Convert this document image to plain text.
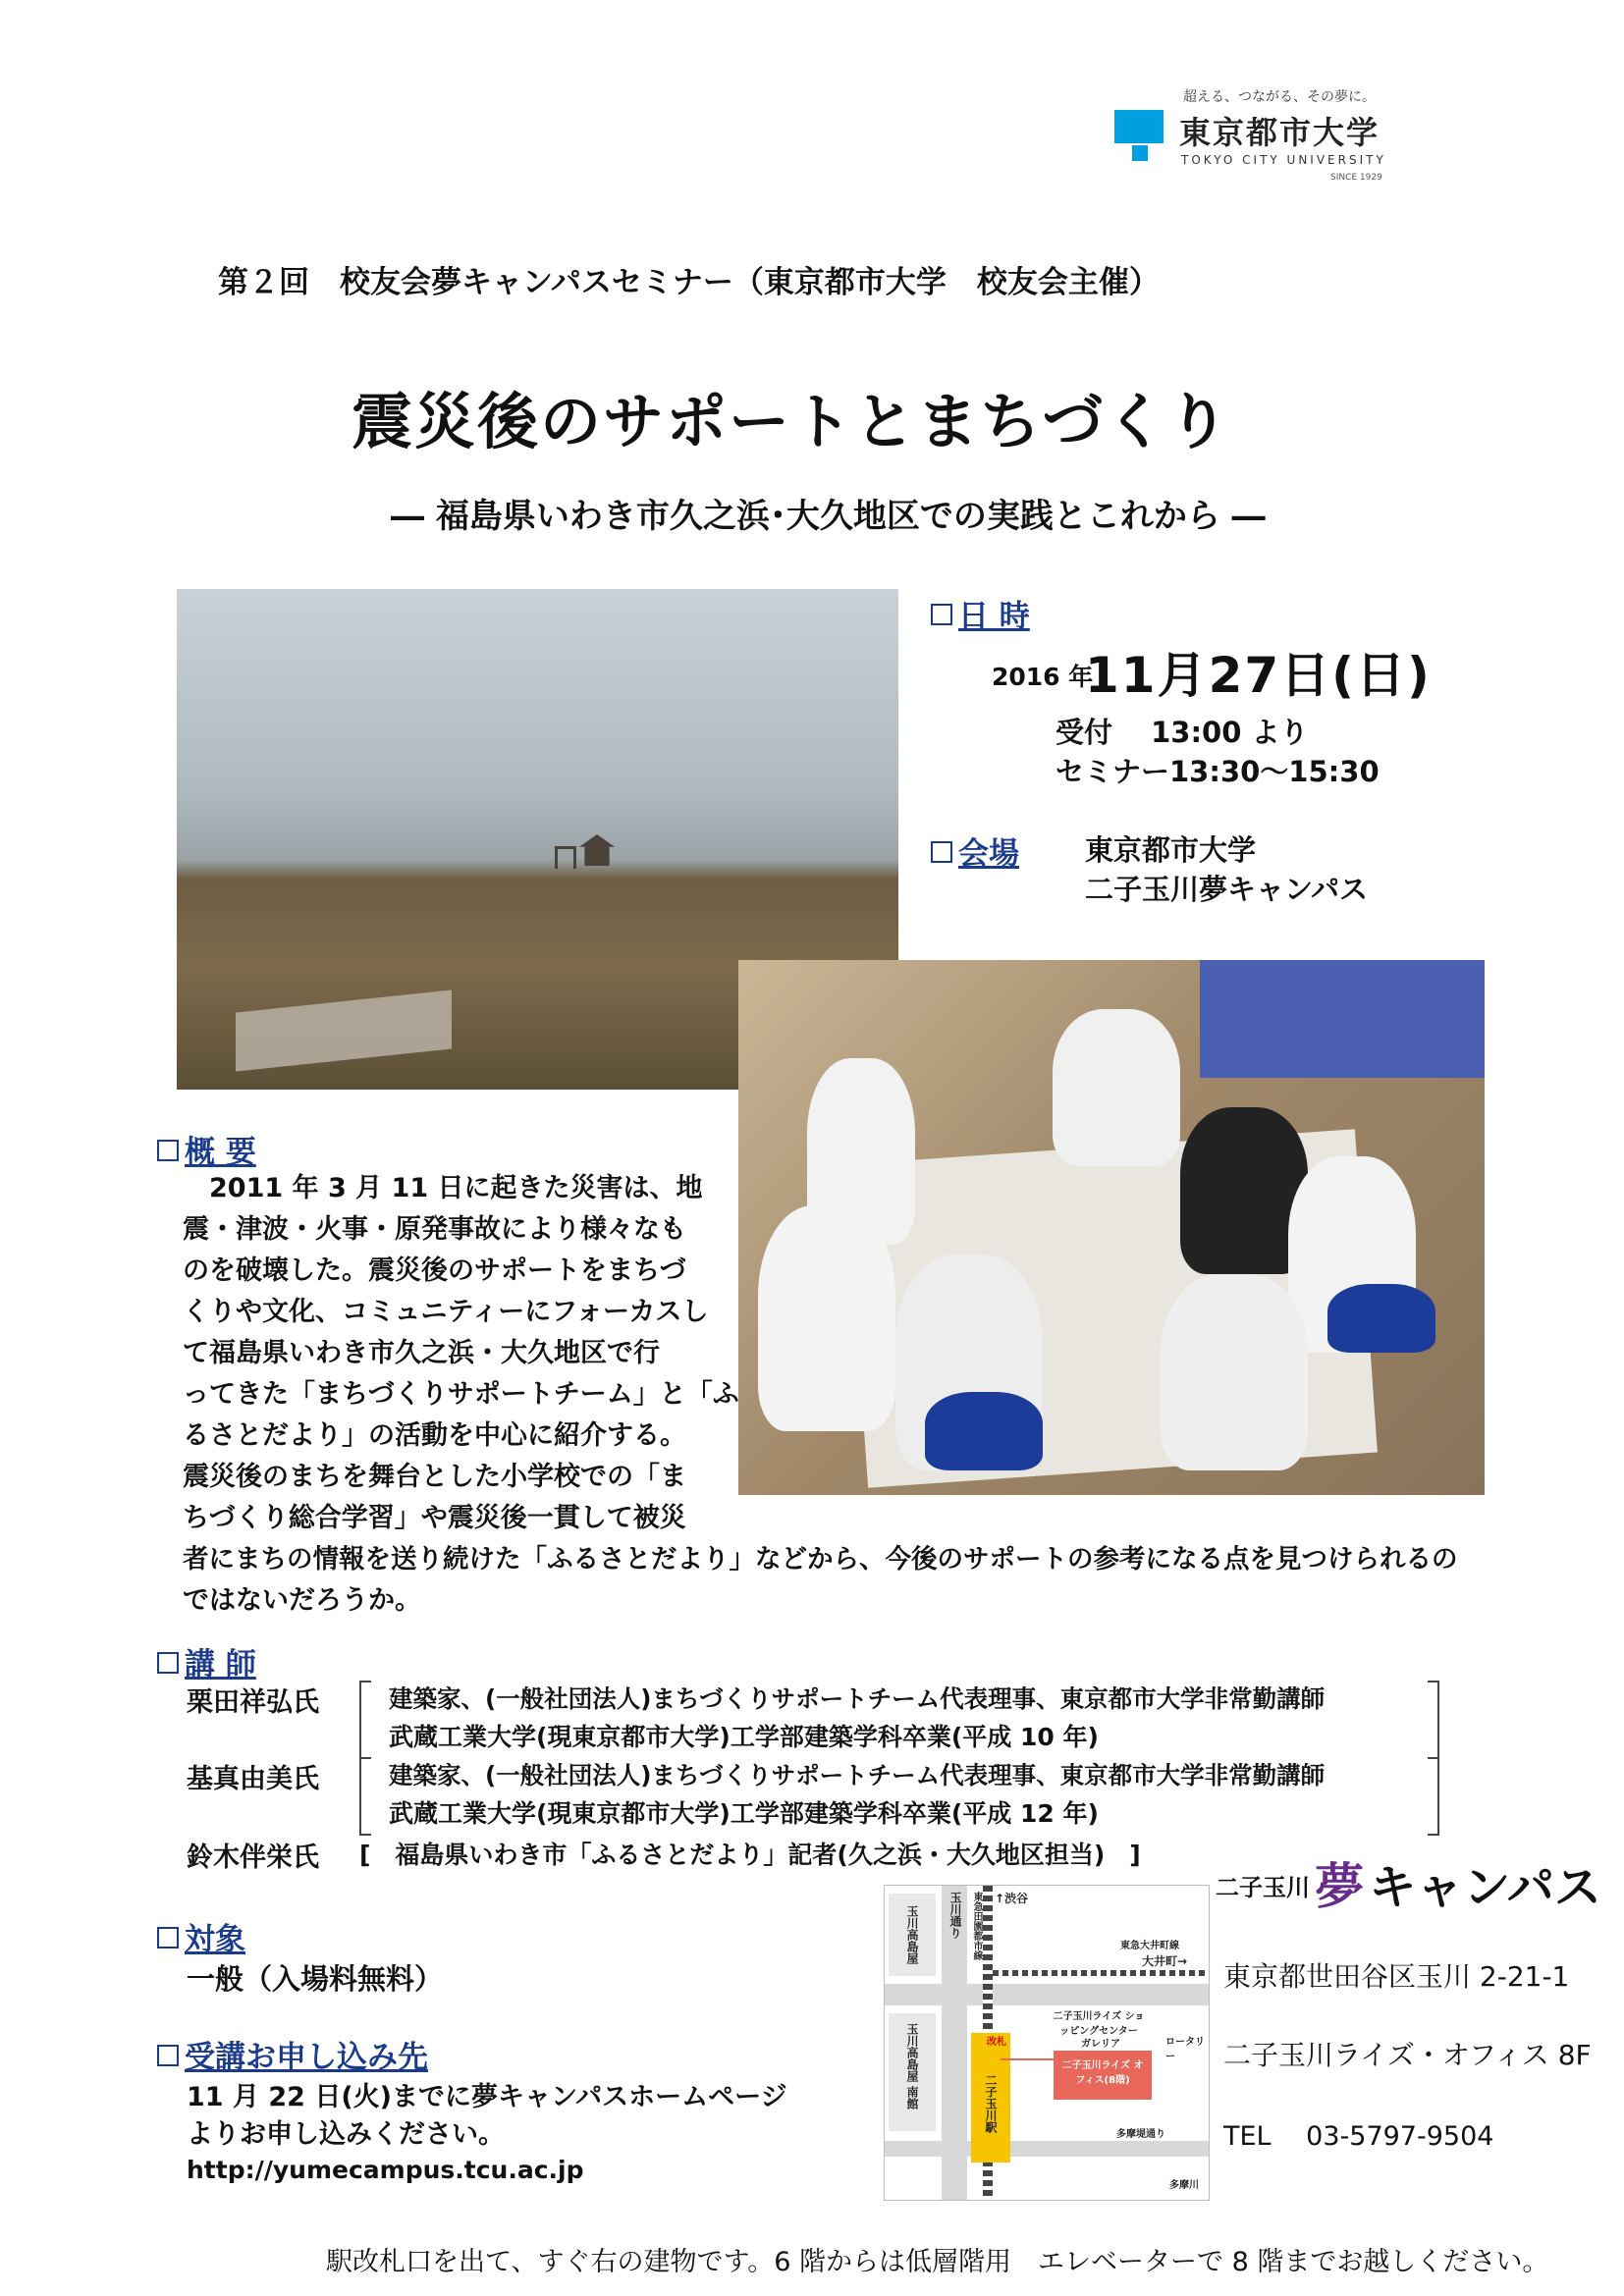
超える、つながる、その夢に。
東京都市大学
TOKYO CITY UNIVERSITY
SINCE 1929
第２回　校友会夢キャンパスセミナー（東京都市大学　校友会主催）
震災後のサポートとまちづくり
― 福島県いわき市久之浜･大久地区での実践とこれから ―
日 時
2016 年
11月27日(日)
受付　 13:00 より
セミナー13:30～15:30
会場 東京都市大学
二子玉川夢キャンパス
概 要
　2011 年 3 月 11 日に起きた災害は、地
震・津波・火事・原発事故により様々なも
のを破壊した。震災後のサポートをまちづ
くりや文化、コミュニティーにフォーカスし
て福島県いわき市久之浜・大久地区で行
ってきた「まちづくりサポートチーム」と「ふ
るさとだより」の活動を中心に紹介する。
震災後のまちを舞台とした小学校での「ま
ちづくり総合学習」や震災後一貫して被災
者にまちの情報を送り続けた「ふるさとだより」などから、今後のサポートの参考になる点を見つけられるの
ではないだろうか。
講 師
栗田祥弘氏	建築家、(一般社団法人)まちづくりサポートチーム代表理事、東京都市大学非常勤講師
武蔵工業大学(現東京都市大学)工学部建築学科卒業(平成 10 年)
基真由美氏	建築家、(一般社団法人)まちづくりサポートチーム代表理事、東京都市大学非常勤講師
武蔵工業大学(現東京都市大学)工学部建築学科卒業(平成 12 年)
鈴木伴栄氏 [　福島県いわき市「ふるさとだより」記者(久之浜・大久地区担当)　]
対象
一般（入場料無料）
受講お申し込み先
11 月 22 日(火)までに夢キャンパスホームページ
よりお申し込みください。
http://yumecampus.tcu.ac.jp
玉川高島屋	玉川通り 東急田園都市線 ↑渋谷
東急大井町線
大井町→
二子玉川ライズ ショッピングセンター
ガレリア	ロータリー
玉川高島屋 南館	改札
二子玉川駅
二子玉川ライズ オフィス(8階)
多摩堤通り
多摩川
二子玉川 夢 キャンパス
東京都世田谷区玉川 2-21-1
二子玉川ライズ・オフィス 8F
TEL　 03-5797-9504
駅改札口を出て、すぐ右の建物です。6 階からは低層階用　エレベーターで 8 階までお越しください。
